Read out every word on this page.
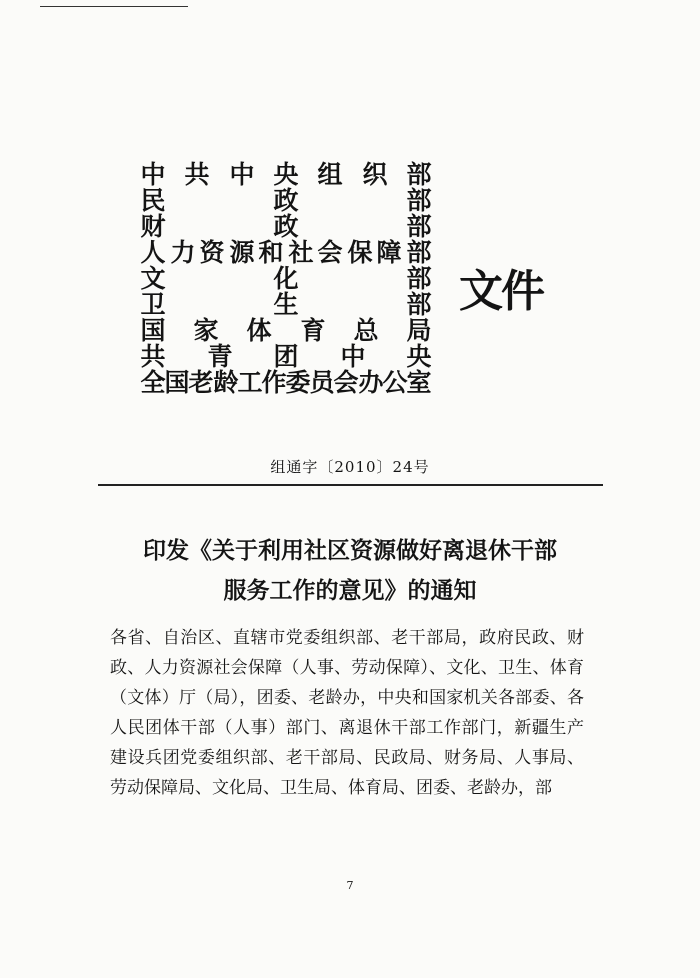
中 共 中 央 组 织 部
民	政	部
财	政	部
人 力 资 源 和 社 会 保 障 部
文	化	部
卫	生	部
国 家 体 育 总 局
共 青 团 中 央
全
国
老 龄
工
作
委
员
会 办
公
室
文件
组通字〔2010〕24号
印发《关于利用社区资源做好离退休干部
服务工作的意见》的通知
各省、自治区、直辖市党委组织部、老干部局，政府民政、财政、人力资源社会保障（人事、劳动保障）、文化、卫生、体育（文体）厅（局），团委、老龄办，中央和国家机关各部委、各人民团体干部（人事）部门、离退休干部工作部门，新疆生产建设兵团党委组织部、老干部局、民政局、财务局、人事局、劳动保障局、文化局、卫生局、体育局、团委、老龄办，部
7
